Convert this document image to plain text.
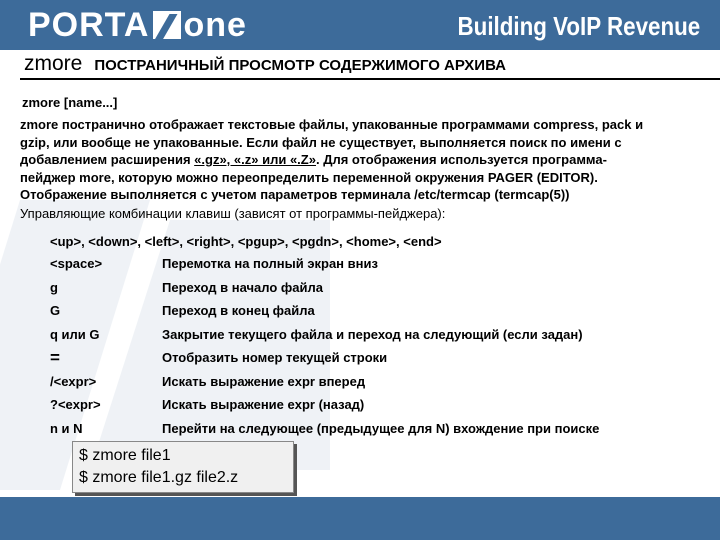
PORTA one	Building VoIP Revenue
zmore ПОСТРАНИЧНЫЙ ПРОСМОТР СОДЕРЖИМОГО АРХИВА
zmore [name...]
zmore постранично отображает текстовые файлы, упакованные программами compress, pack и
gzip, или вообще не упакованные. Если файл не существует, выполняется поиск по имени с
добавлением расширения «.gz», «.z» или «.Z». Для отображения используется программа-
пейджер more, которую можно переопределить переменной окружения PAGER (EDITOR).
Отображение выполняется с учетом параметров терминала /etc/termcap (termcap(5))
Управляющие комбинации клавиш (зависят от программы-пейджера):
<up>, <down>, <left>, <right>, <pgup>, <pgdn>, <home>, <end>
<space>	Перемотка на полный экран вниз
g	Переход в начало файла
G	Переход в конец файла
q или G	Закрытие текущего файла и переход на следующий (если задан)
=	Отобразить номер текущей строки
/<expr>	Искать выражение expr вперед
?<expr>	Искать выражение expr (назад)
n и N	Перейти на следующее (предыдущее для N) вхождение при поиске
$ zmore file1
$ zmore file1.gz file2.z
